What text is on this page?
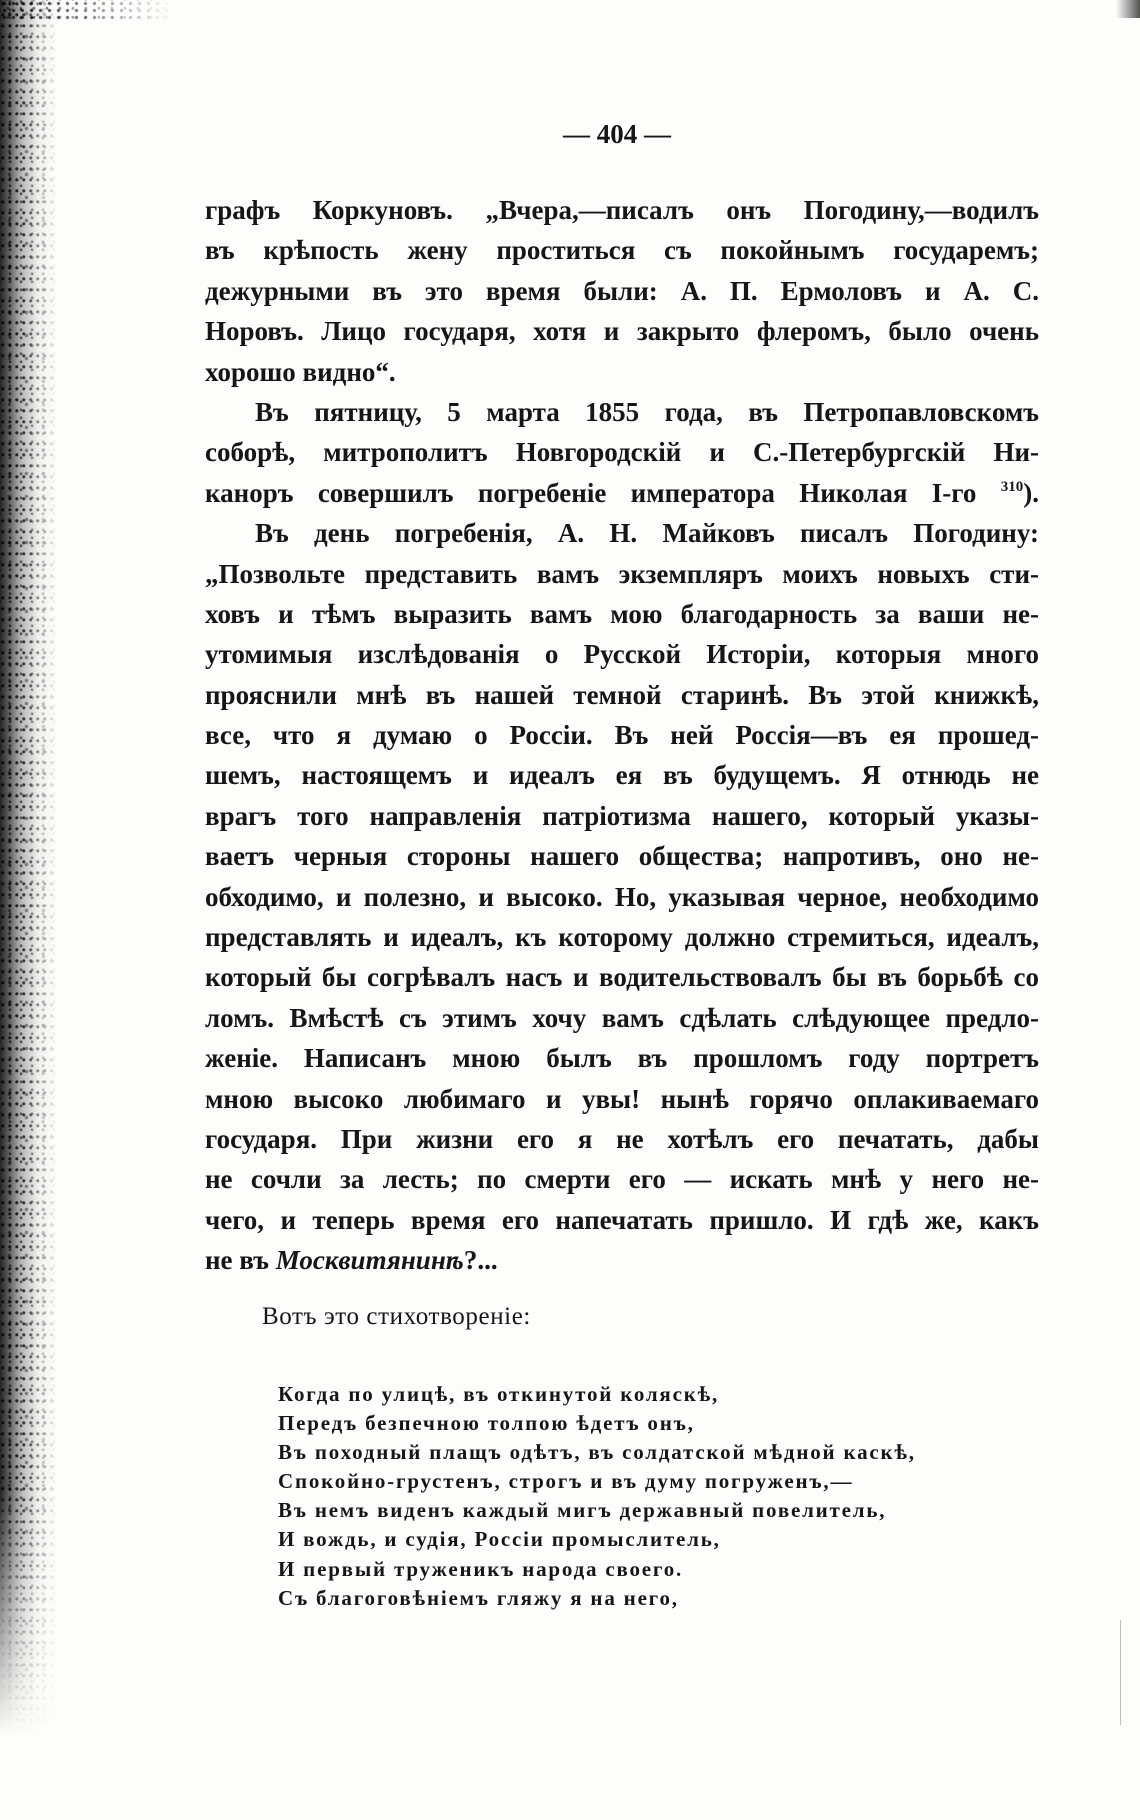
— 404 —
графъ Коркуновъ. „Вчера,—писалъ онъ Погодину,—водилъ
въ крѣпость жену проститься съ покойнымъ государемъ;
дежурными въ это время были: А. П. Ермоловъ и А. С.
Норовъ. Лицо государя, хотя и закрыто флеромъ, было очень
хорошо видно“.
Въ пятницу, 5 марта 1855 года, въ Петропавловскомъ
соборѣ, митрополитъ Новгородскій и С.-Петербургскій Ни-
каноръ совершилъ погребеніе императора Николая I-го $^{310}$).
Въ день погребенія, А. Н. Майковъ писалъ Погодину:
„Позвольте представить вамъ экземпляръ моихъ новыхъ сти-
ховъ и тѣмъ выразить вамъ мою благодарность за ваши не-
утомимыя изслѣдованія о Русской Исторіи, которыя много
прояснили мнѣ въ нашей темной старинѣ. Въ этой книжкѣ,
все, что я думаю о Россіи. Въ ней Россія—въ ея прошед-
шемъ, настоящемъ и идеалъ ея въ будущемъ. Я отнюдь не
врагъ того направленія патріотизма нашего, который указы-
ваетъ черныя стороны нашего общества; напротивъ, оно не-
обходимо, и полезно, и высоко. Но, указывая черное, необходимо
представлять и идеалъ, къ которому должно стремиться, идеалъ,
который бы согрѣвалъ насъ и водительствовалъ бы въ борьбѣ со
ломъ. Вмѣстѣ съ этимъ хочу вамъ сдѣлать слѣдующее предло-
женіе. Написанъ мною былъ въ прошломъ году портретъ
мною высоко любимаго и увы! нынѣ горячо оплакиваемаго
государя. При жизни его я не хотѣлъ его печатать, дабы
не сочли за лесть; по смерти его — искать мнѣ у него не-
чего, и теперь время его напечатать пришло. И гдѣ же, какъ
не въ Москвитянинѣ?...
Вотъ это стихотвореніе:
Когда по улицѣ, въ откинутой коляскѣ,
Передъ безпечною толпою ѣдетъ онъ,
Въ походный плащъ одѣтъ, въ солдатской мѣдной каскѣ,
Спокойно-грустенъ, строгъ и въ думу погруженъ,—
Въ немъ виденъ каждый мигъ державный повелитель,
И вождь, и судія, Россіи промыслитель,
И первый труженикъ народа своего.
Съ благоговѣніемъ гляжу я на него,
